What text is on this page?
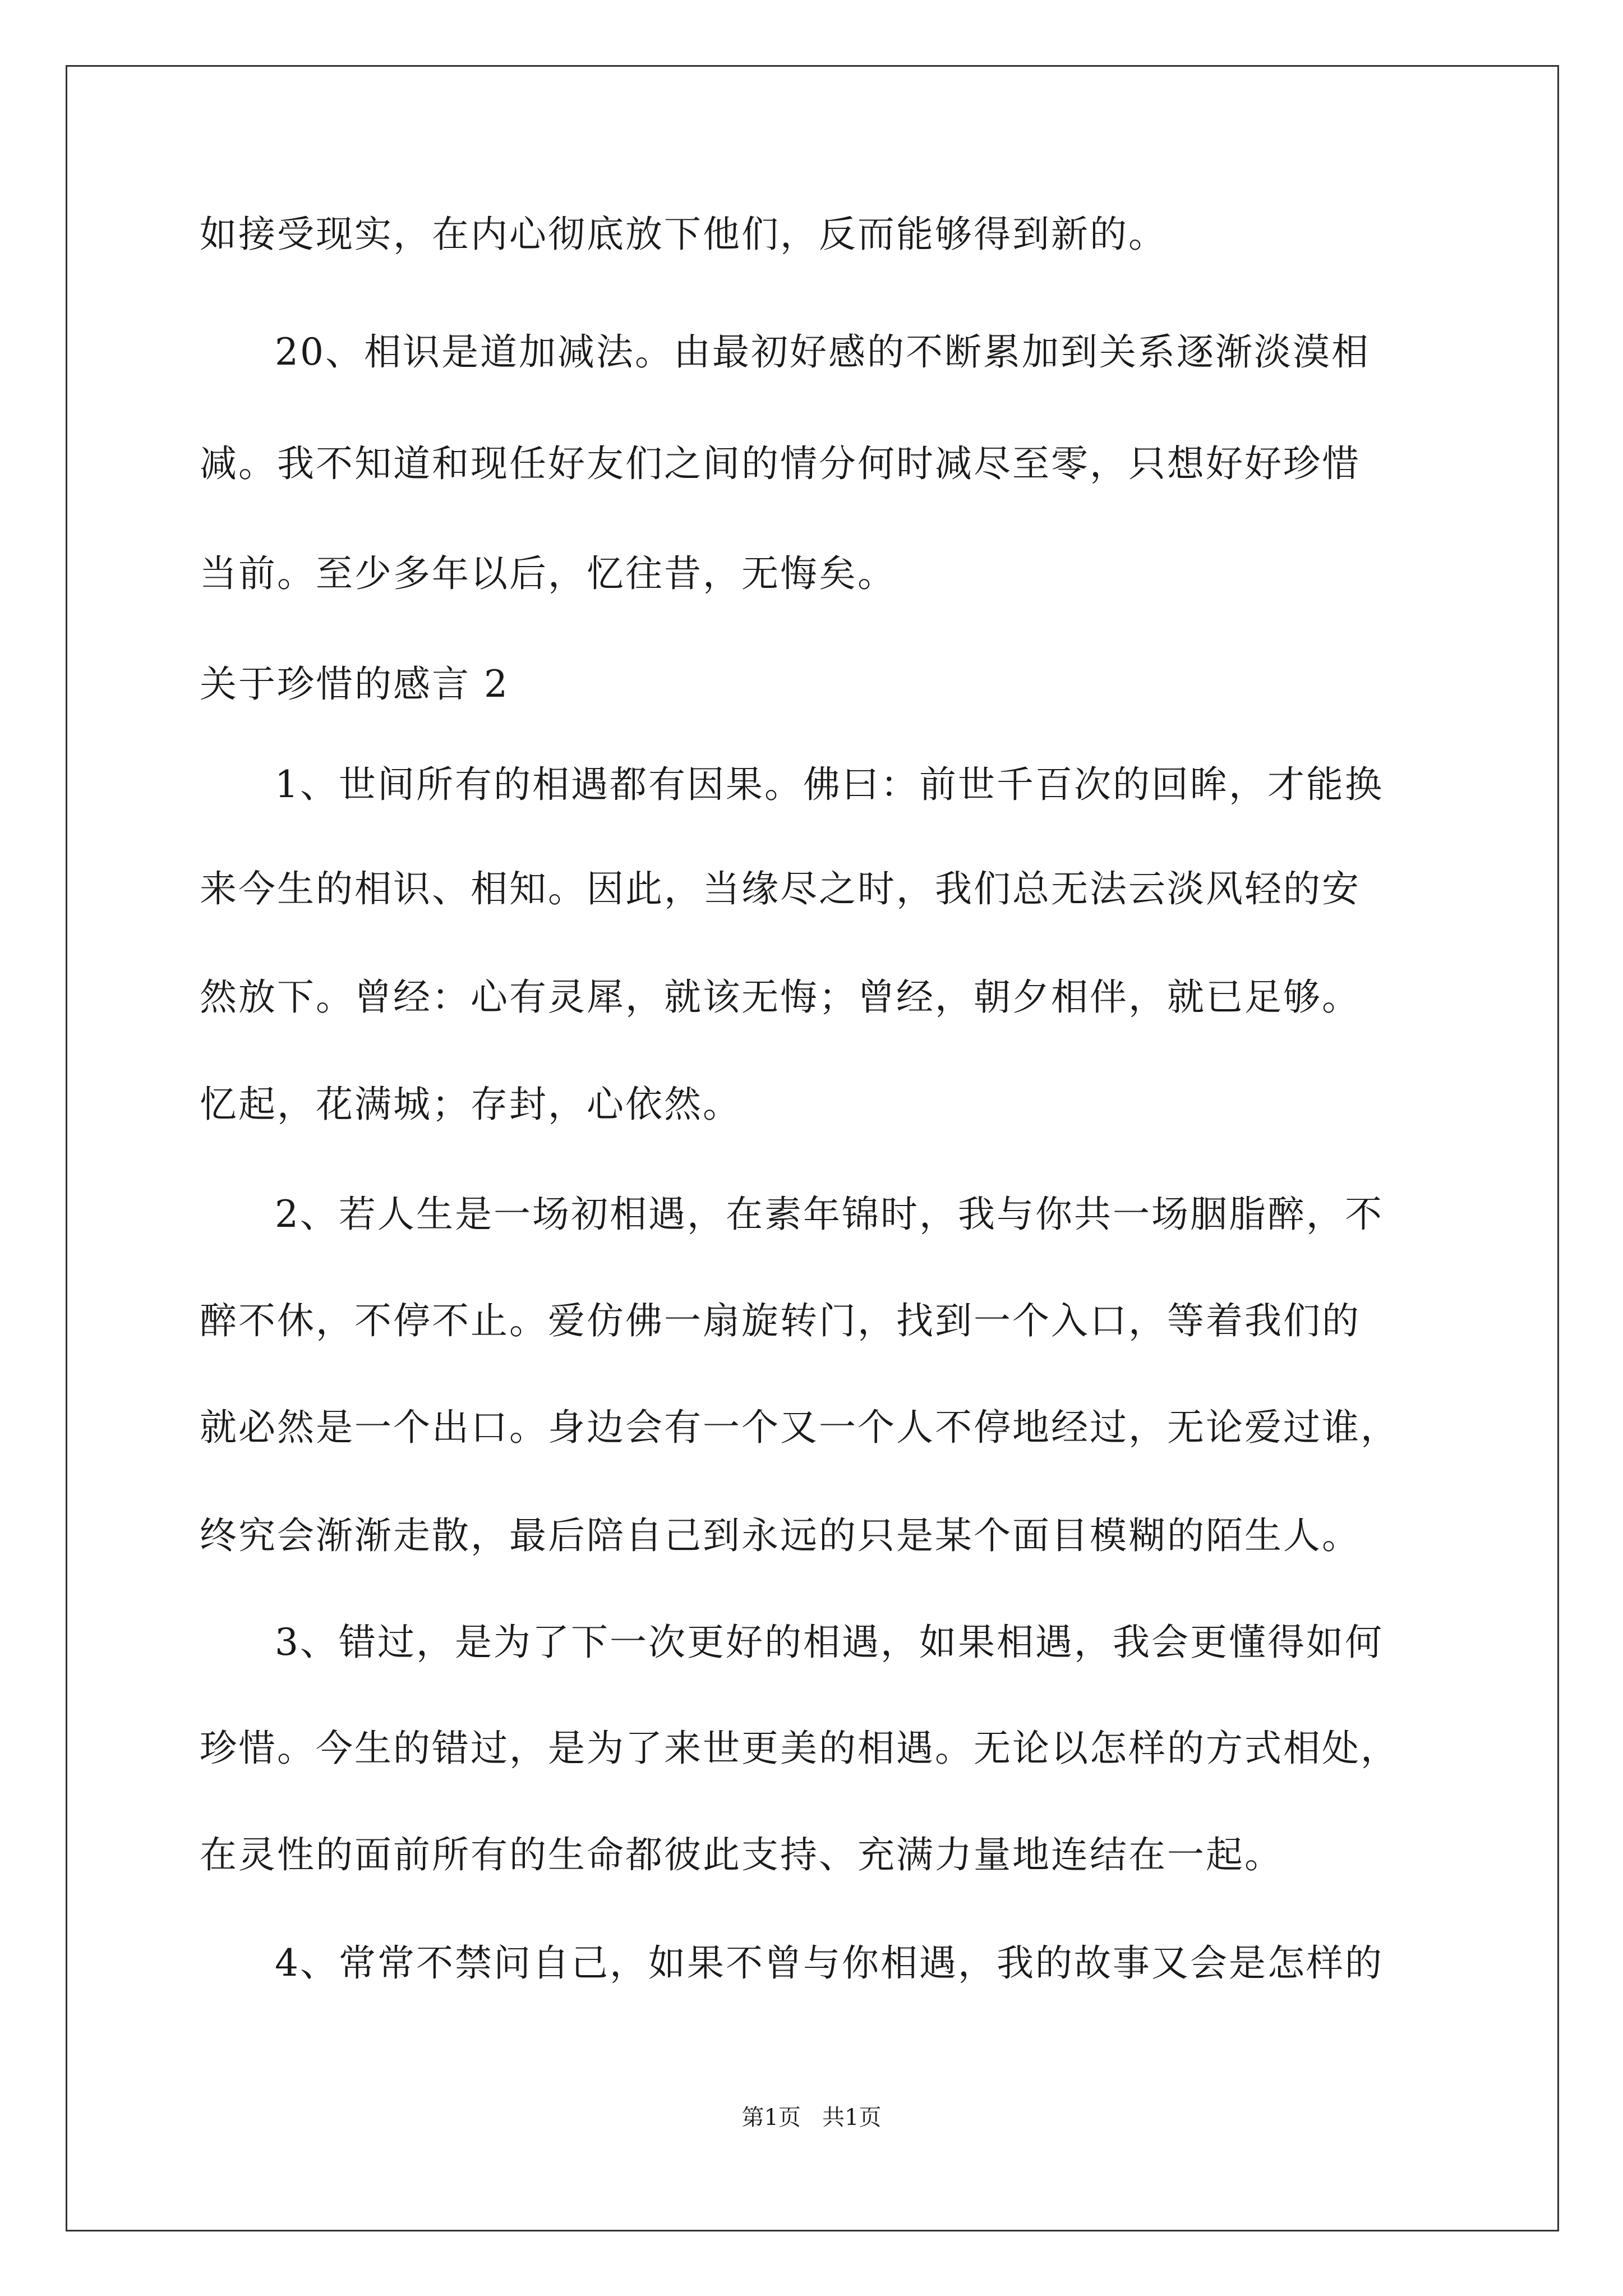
如接受现实，在内心彻底放下他们，反而能够得到新的。
20、相识是道加减法。由最初好感的不断累加到关系逐渐淡漠相
减。我不知道和现任好友们之间的情分何时减尽至零，只想好好珍惜
当前。至少多年以后，忆往昔，无悔矣。
关于珍惜的感言 2
1、世间所有的相遇都有因果。佛曰：前世千百次的回眸，才能换
来今生的相识、相知。因此，当缘尽之时，我们总无法云淡风轻的安
然放下。曾经：心有灵犀，就该无悔；曾经，朝夕相伴，就已足够。
忆起，花满城；存封，心依然。
2、若人生是一场初相遇，在素年锦时，我与你共一场胭脂醉，不
醉不休，不停不止。爱仿佛一扇旋转门，找到一个入口，等着我们的
就必然是一个出口。身边会有一个又一个人不停地经过，无论爱过谁，
终究会渐渐走散，最后陪自己到永远的只是某个面目模糊的陌生人。
3、错过，是为了下一次更好的相遇，如果相遇，我会更懂得如何
珍惜。今生的错过，是为了来世更美的相遇。无论以怎样的方式相处，
在灵性的面前所有的生命都彼此支持、充满力量地连结在一起。
4、常常不禁问自己，如果不曾与你相遇，我的故事又会是怎样的
第1页   共1页
